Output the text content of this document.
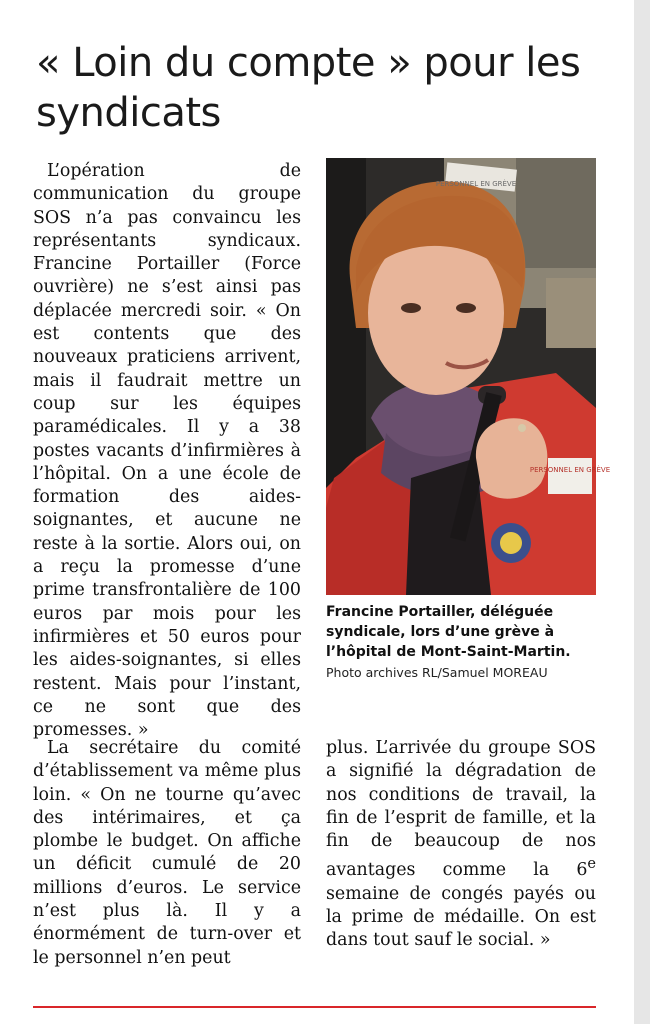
« Loin du compte » pour les syndicats

L’opération de communication du groupe SOS n’a pas convaincu les représentants syndicaux. Francine Portailler (Force ouvrière) ne s’est ainsi pas déplacée mercredi soir. « On est contents que des nouveaux praticiens arrivent, mais il faudrait mettre un coup sur les équipes paramédicales. Il y a 38 postes vacants d’infirmières à l’hôpital. On a une école de formation des aides-soignantes, et aucune ne reste à la sortie. Alors oui, on a reçu la promesse d’une prime transfrontalière de 100 euros par mois pour les infirmières et 50 euros pour les aides-soignantes, si elles restent. Mais pour l’instant, ce ne sont que des promesses. »

PERSONNEL EN GRÈVE
PERSONNEL EN GRÈVE
Francine Portailler, déléguée syndicale, lors d’une grève à l’hôpital de Mont-Saint-Martin.
Photo archives RL/Samuel MOREAU

La secrétaire du comité d’établissement va même plus loin. « On ne tourne qu’avec des intérimaires, et ça plombe le budget. On affiche un déficit cumulé de 20 millions d’euros. Le service n’est plus là. Il y a énormément de turn-over et le personnel n’en peut

plus. L’arrivée du groupe SOS a signifié la dégradation de nos conditions de travail, la fin de l’esprit de famille, et la fin de beaucoup de nos avantages comme la 6e semaine de congés payés ou la prime de médaille. On est dans tout sauf le social. »
